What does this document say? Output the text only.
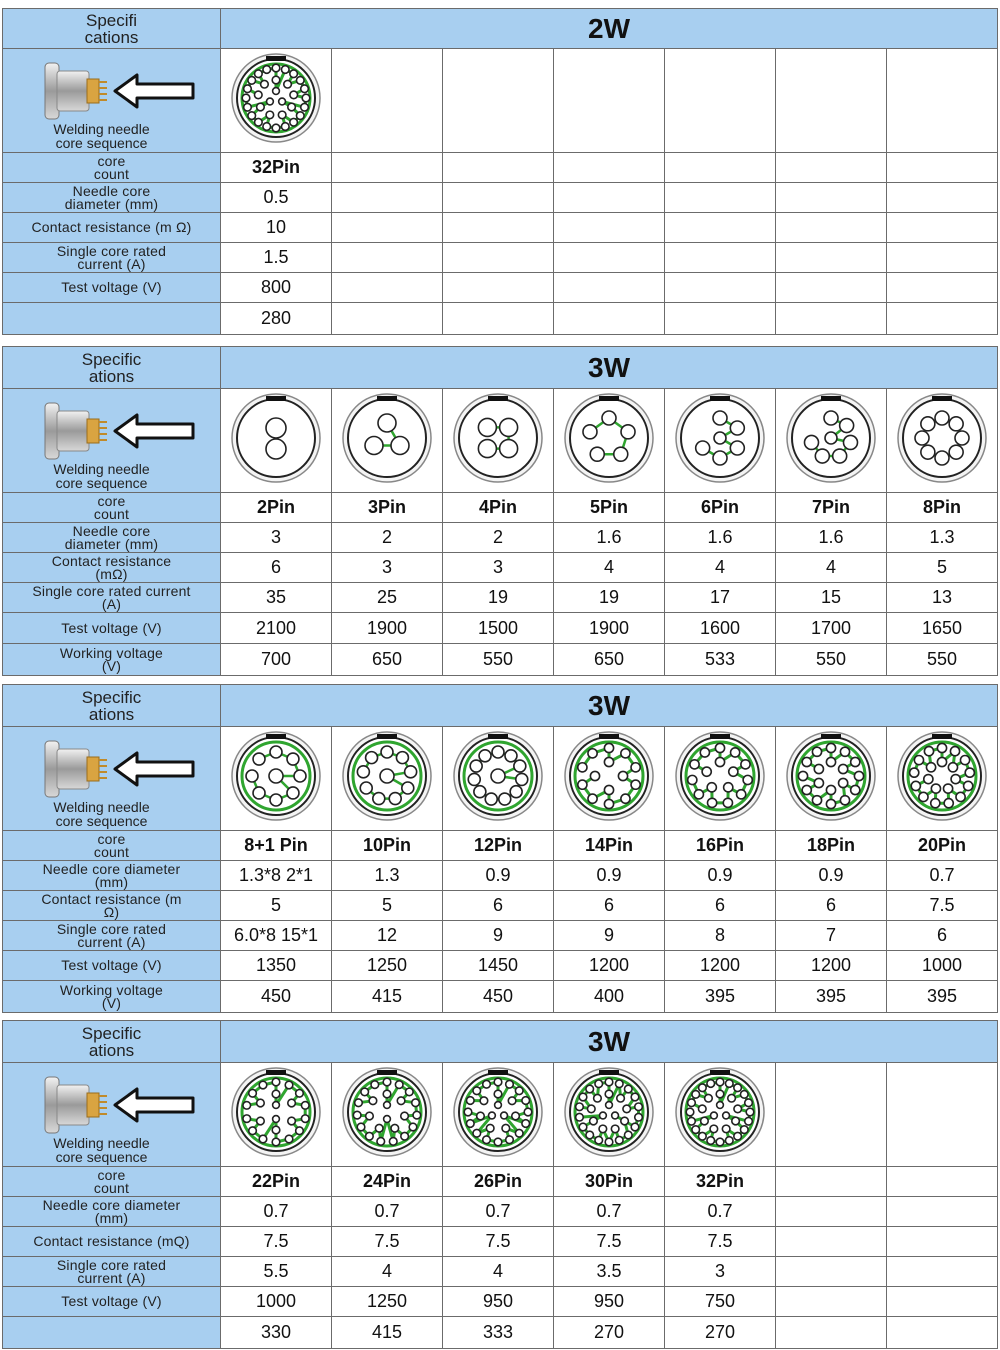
Specifi
cations	2W						

Welding needle
core sequence

core
count	32Pin						
Needle core
diameter (mm)	0.5						
Contact resistance (m Ω)	10						
Single core rated
current (A)	1.5						
Test voltage (V)	800						
	280						
Specific
ations	3W						

Welding needle
core sequence

core
count	2Pin	3Pin	4Pin	5Pin	6Pin	7Pin	8Pin
Needle core
diameter (mm)	3	2	2	1.6	1.6	1.6	1.3
Contact resistance
(mΩ)	6	3	3	4	4	4	5
Single core rated current
(A)	35	25	19	19	17	15	13
Test voltage (V)	2100	1900	1500	1900	1600	1700	1650
Working voltage
(V)	700	650	550	650	533	550	550
Specific
ations	3W						

Welding needle
core sequence

core
count	8+1 Pin	10Pin	12Pin	14Pin	16Pin	18Pin	20Pin
Needle core diameter
(mm)	1.3*8 2*1	1.3	0.9	0.9	0.9	0.9	0.7
Contact resistance (m
Ω)	5	5	6	6	6	6	7.5
Single core rated
current (A)	6.0*8 15*1	12	9	9	8	7	6
Test voltage (V)	1350	1250	1450	1200	1200	1200	1000
Working voltage
(V)	450	415	450	400	395	395	395
Specific
ations	3W						

Welding needle
core sequence

core
count	22Pin	24Pin	26Pin	30Pin	32Pin		
Needle core diameter
(mm)	0.7	0.7	0.7	0.7	0.7		
Contact resistance (mQ)	7.5	7.5	7.5	7.5	7.5		
Single core rated
current (A)	5.5	4	4	3.5	3		
Test voltage (V)	1000	1250	950	950	750		
	330	415	333	270	270		
